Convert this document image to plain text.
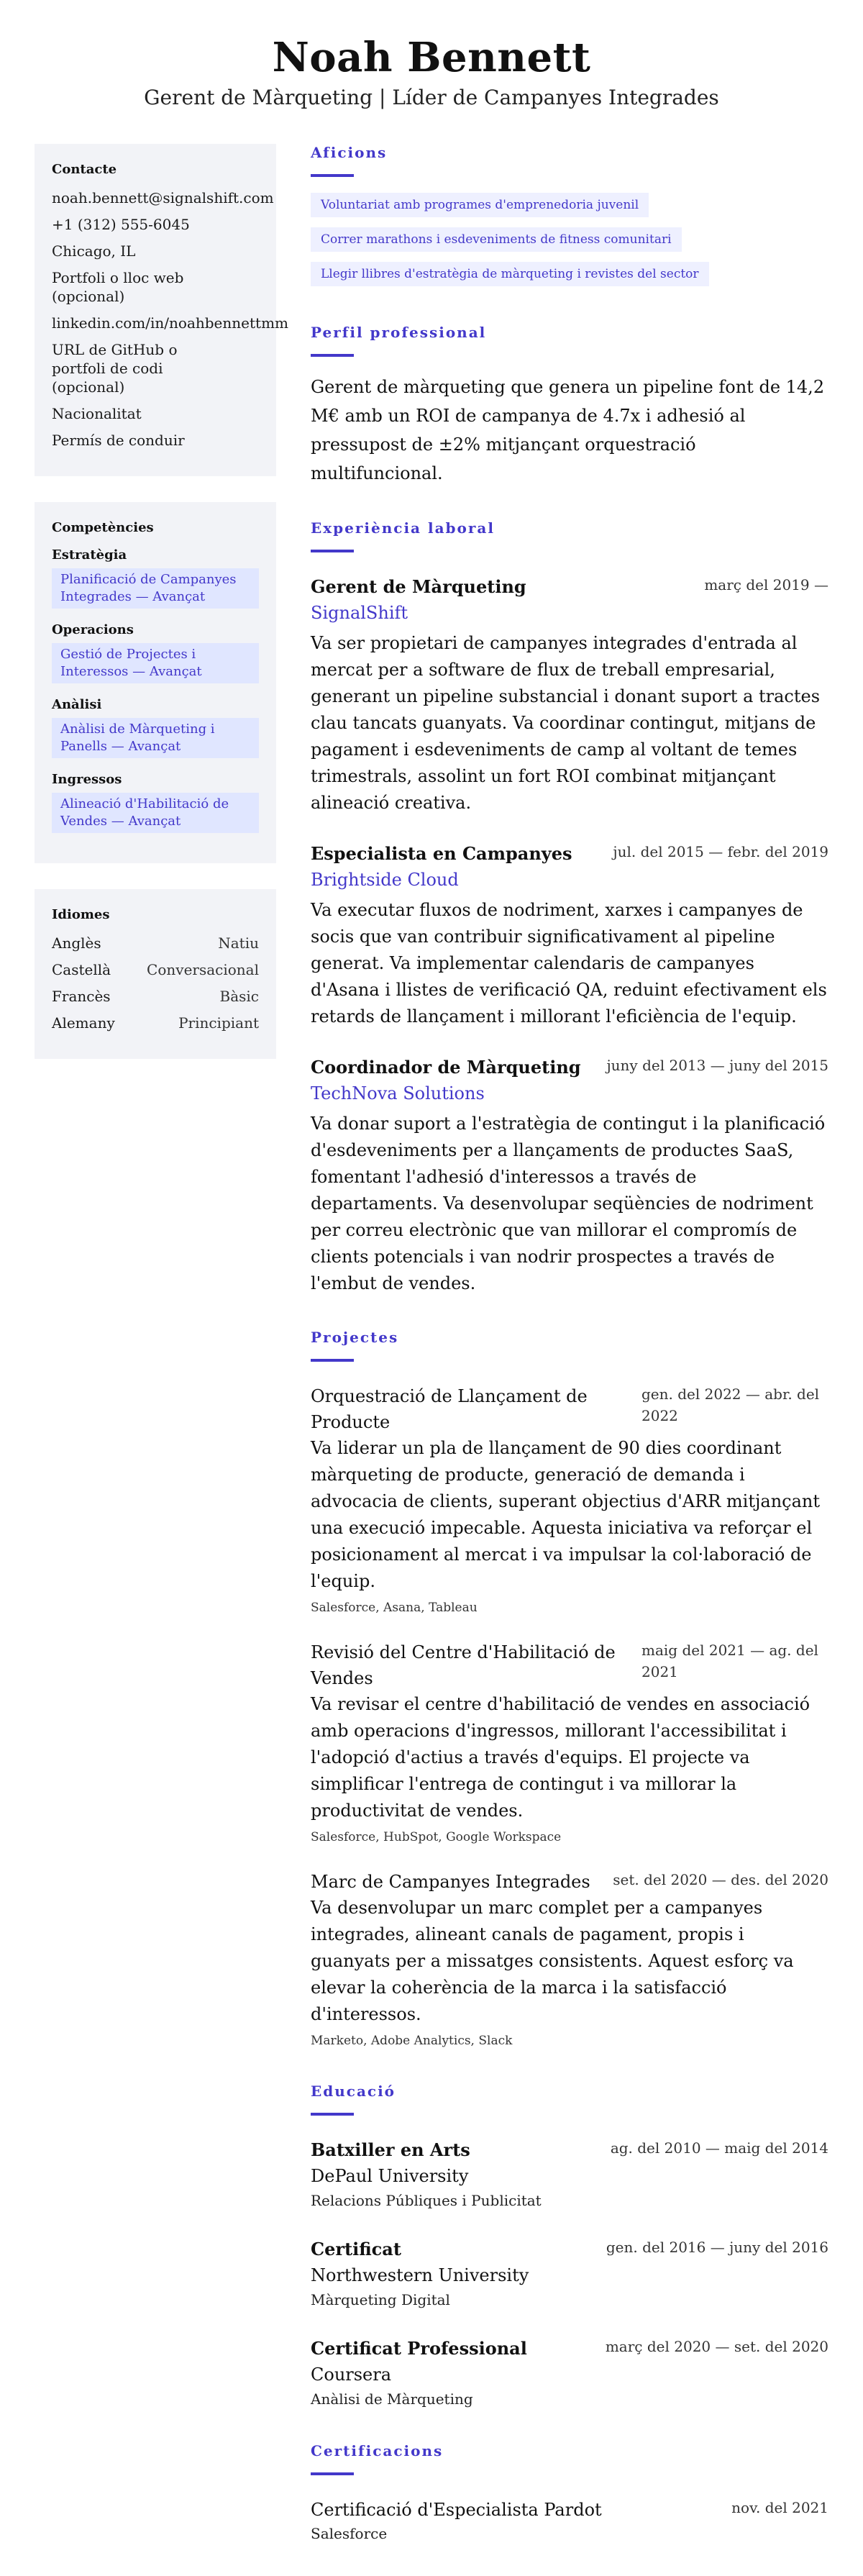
Noah Bennett
Gerent de Màrqueting | Líder de Campanyes Integrades
Contacte
noah.bennett@signalshift.com
+1 (312) 555-6045
Chicago, IL
Portfoli o lloc web (opcional)
linkedin.com/in/noahbennettmm
URL de GitHub o portfoli de codi (opcional)
Nacionalitat
Permís de conduir
Competències
Estratègia
Planificació de Campanyes Integrades — Avançat
Operacions
Gestió de Projectes i Interessos — Avançat
Anàlisi
Anàlisi de Màrqueting i Panells — Avançat
Ingressos
Alineació d'Habilitació de Vendes — Avançat
Idiomes
Anglès	Natiu
Castellà Conversacional
Francès	Bàsic
Alemany	Principiant
Aficions
Voluntariat amb programes d'emprenedoria juvenil
Correr marathons i esdeveniments de fitness comunitari
Llegir llibres d'estratègia de màrqueting i revistes del sector
Perfil professional

Gerent de màrqueting que genera un pipeline font de 14,2 M€ amb un ROI de campanya de 4.7x i adhesió al pressupost de ±2% mitjançant orquestració multifuncional.

Experiència laboral
Gerent de Màrqueting	març del 2019 —
SignalShift

Va ser propietari de campanyes integrades d'entrada al mercat per a software de flux de treball empresarial, generant un pipeline substancial i donant suport a tractes clau tancats guanyats. Va coordinar contingut, mitjans de pagament i esdeveniments de camp al voltant de temes trimestrals, assolint un fort ROI combinat mitjançant alineació creativa.

Especialista en Campanyes	jul. del 2015 — febr. del 2019
Brightside Cloud

Va executar fluxos de nodriment, xarxes i campanyes de socis que van contribuir significativament al pipeline generat. Va implementar calendaris de campanyes d'Asana i llistes de verificació QA, reduint efectivament els retards de llançament i millorant l'eficiència de l'equip.

Coordinador de Màrqueting juny del 2013 — juny del 2015
TechNova Solutions

Va donar suport a l'estratègia de contingut i la planificació d'esdeveniments per a llançaments de productes SaaS, fomentant l'adhesió d'interessos a través de departaments. Va desenvolupar seqüències de nodriment per correu electrònic que van millorar el compromís de clients potencials i van nodrir prospectes a través de l'embut de vendes.

Projectes
Orquestració de Llançament de Producte
gen. del 2022 — abr. del 2022

Va liderar un pla de llançament de 90 dies coordinant màrqueting de producte, generació de demanda i advocacia de clients, superant objectius d'ARR mitjançant una execució impecable. Aquesta iniciativa va reforçar el posicionament al mercat i va impulsar la col·laboració de l'equip.

Salesforce, Asana, Tableau
Revisió del Centre d'Habilitació de Vendes
maig del 2021 — ag. del 2021

Va revisar el centre d'habilitació de vendes en associació amb operacions d'ingressos, millorant l'accessibilitat i l'adopció d'actius a través d'equips. El projecte va simplificar l'entrega de contingut i va millorar la productivitat de vendes.

Salesforce, HubSpot, Google Workspace
Marc de Campanyes Integrades	set. del 2020 — des. del 2020

Va desenvolupar un marc complet per a campanyes integrades, alineant canals de pagament, propis i guanyats per a missatges consistents. Aquest esforç va elevar la coherència de la marca i la satisfacció d'interessos.

Marketo, Adobe Analytics, Slack
Educació
Batxiller en Arts	ag. del 2010 — maig del 2014
DePaul University
Relacions Públiques i Publicitat
Certificat	gen. del 2016 — juny del 2016
Northwestern University
Màrqueting Digital
Certificat Professional	març del 2020 — set. del 2020
Coursera
Anàlisi de Màrqueting
Certificacions
Certificació d'Especialista Pardot	nov. del 2021
Salesforce
